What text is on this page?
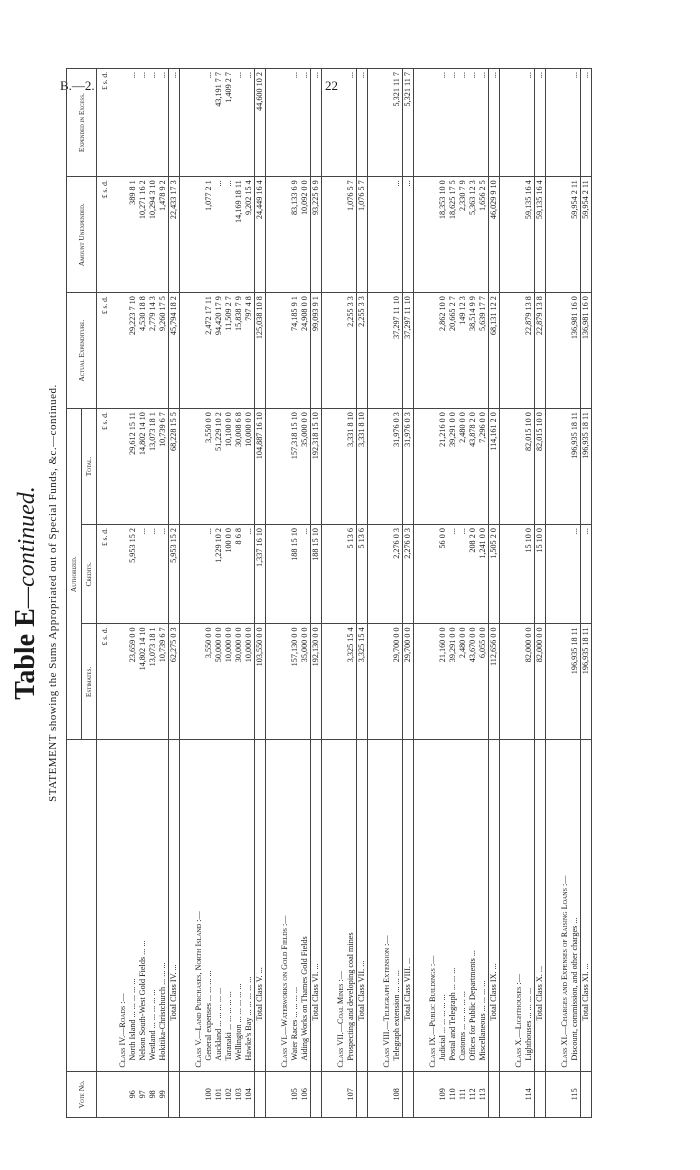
B.—2.	22
Table E—continued. STATEMENT showing the Sums Appropriated out of Special Funds, &c.—continued.
Vote No.		Authorized.			Actual Expenditure.	Amount Unexpended.	Expended in Excess.
		Estimates.	Credits.	Total.			
		£ s. d.	£ s. d.	£ s. d.	£ s. d.	£ s. d.	£ s. d.
	Class IV.—Roads :—						
96	North Island ... ... ... ... ...	23,659 0 0	5,953 15 2	29,612 15 11	29,223 7 10	389 8 1	...
97	Nelson South-West Gold Fields ... ...	14,802 14 10	...	14,802 14 10	4,530 18 8	10,271 16 2	...
98	Westland ... ... ... ... ...	13,073 18 1	...	13,073 18 1	2,779 14 3	10,294 3 10	...
99	Hokitika-Christchurch ... ... ...	10,739 6 7	...	10,739 6 7	9,260 17 5	1,478 9 2	...
	Total Class IV. ...	62,275 0 3	5,953 15 2	68,228 15 5	45,794 18 2	22,433 17 3	...

	Class V.—Land Purchases, North Island :—						
100	General expenses ... ... ... ...	3,550 0 0	...	3,550 0 0	2,472 17 11	1,077 2 1	...
101	Auckland ... ... ... ... ...	50,000 0 0	1,229 10 2	51,229 10 2	94,420 17 9	...	43,191 7 7
102	Taranaki ... ... ... ... ...	10,000 0 0	100 0 0	10,100 0 0	11,509 2 7	...	1,409 2 7
103	Wellington ... ... ... ... ...	30,000 0 0	8 6 8	30,008 6 8	15,838 7 9	14,169 18 11	...
104	Hawke's Bay ... ... ... ... ...	10,000 0 0	...	10,000 0 0	797 4 8	9,202 15 4	...
	Total Class V. ...	103,550 0 0	1,337 16 10	104,887 16 10	125,038 10 8	24,449 16 4	44,600 10 2

	Class VI.—Waterworks on Gold Fields :—						
105	Water Races ... ... ... ...	157,130 0 0	188 15 10	157,318 15 10	74,185 9 1	83,133 6 9	...
106	Aiding Works on Thames Gold Fields	35,000 0 0	...	35,000 0 0	24,908 0 0	10,092 0 0	...
	Total Class VI. ...	192,130 0 0	188 15 10	192,318 15 10	99,093 9 1	93,225 6 9	...

	Class VII.—Coal Mines :—						
107	Prospecting and developing coal mines	3,325 15 4	5 13 6	3,331 8 10	2,255 3 3	1,076 5 7	...
	Total Class VII. ...	3,325 15 4	5 13 6	3,331 8 10	2,255 3 3	1,076 5 7	...

	Class VIII.—Telegraph Extension :—						
108	Telegraph extension ... ... ...	29,700 0 0	2,276 0 3	31,976 0 3	37,297 11 10	...	5,321 11 7
	Total Class VIII. ...	29,700 0 0	2,276 0 3	31,976 0 3	37,297 11 10	...	5,321 11 7

	Class IX.—Public Buildings :—						
109	Judicial ... ... ... ... ...	21,160 0 0	56 0 0	21,216 0 0	2,862 10 0	18,353 10 0	...
110	Postal and Telegraph ... ... ...	39,291 0 0	...	39,291 0 0	20,665 2 7	18,625 17 5	...
111	Customs ... ... ... ... ...	2,480 0 0	...	2,480 0 0	149 12 3	2,330 7 9	...
112	Offices for Public Departments ...	43,670 0 0	208 2 0	43,878 2 0	38,514 9 9	5,363 12 3	...
113	Miscellaneous ... ... ... ...	6,055 0 0	1,241 0 0	7,296 0 0	5,639 17 7	1,656 2 5	...
	Total Class IX. ...	112,656 0 0	1,505 2 0	114,161 2 0	68,131 12 2	46,029 9 10	...

	Class X.—Lighthouses :—						
114	Lighthouses ... ... ... ...	82,000 0 0	15 10 0	82,015 10 0	22,879 13 8	59,135 16 4	...
	Total Class X. ...	82,000 0 0	15 10 0	82,015 10 0	22,879 13 8	59,135 16 4	...

	Class XI.—Charges and Expenses of Raising Loans :—						
115	Discount, commission, and other charges ...	196,935 18 11	...	196,935 18 11	136,981 16 0	59,954 2 11	...
	Total Class XI. ...	196,935 18 11	...	196,935 18 11	136,981 16 0	59,954 2 11	...
